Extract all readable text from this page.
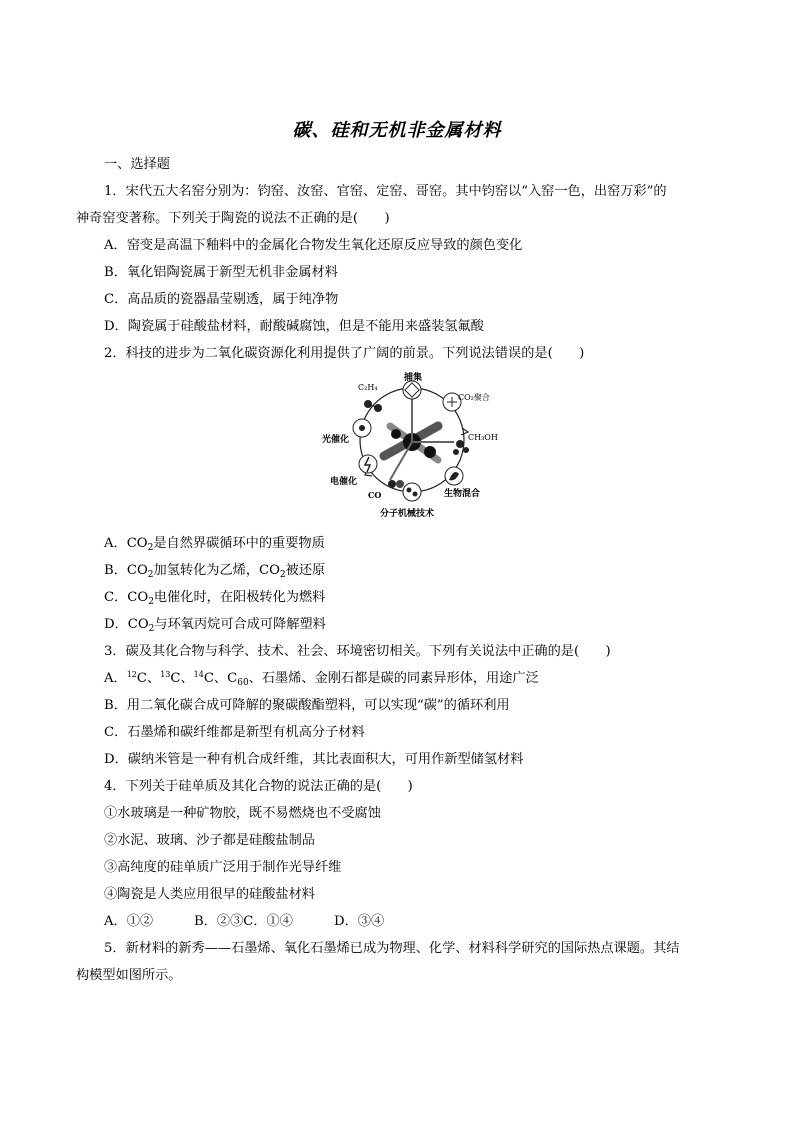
碳、硅和无机非金属材料
一、选择题
1．宋代五大名窑分别为：钧窑、汝窑、官窑、定窑、哥窑。其中钧窑以“入窑一色，出窑万彩”的
神奇窑变著称。下列关于陶瓷的说法不正确的是(　　)
A．窑变是高温下釉料中的金属化合物发生氧化还原反应导致的颜色变化
B．氧化铝陶瓷属于新型无机非金属材料
C．高品质的瓷器晶莹剔透，属于纯净物
D．陶瓷属于硅酸盐材料，耐酸碱腐蚀，但是不能用来盛装氢氟酸
2．科技的进步为二氧化碳资源化利用提供了广阔的前景。下列说法错误的是(　　)
捕集
C₂H₄
CO₂聚合
CH₃OH
光催化
电催化
CO	生物混合
分子机械技术
A．$CO_2$是自然界碳循环中的重要物质
B．$CO_2$加氢转化为乙烯，$CO_2$被还原
C．$CO_2$电催化时，在阳极转化为燃料
D．$CO_2$与环氧丙烷可合成可降解塑料
3．碳及其化合物与科学、技术、社会、环境密切相关。下列有关说法中正确的是(　　)
A．$^{12}$C、$^{13}$C、$^{14}$C、$C_{60}$、石墨烯、金刚石都是碳的同素异形体，用途广泛
B．用二氧化碳合成可降解的聚碳酸酯塑料，可以实现“碳”的循环利用
C．石墨烯和碳纤维都是新型有机高分子材料
D．碳纳米管是一种有机合成纤维，其比表面积大，可用作新型储氢材料
4．下列关于硅单质及其化合物的说法正确的是(　　)
①水玻璃是一种矿物胶，既不易燃烧也不受腐蚀
②水泥、玻璃、沙子都是硅酸盐制品
③高纯度的硅单质广泛用于制作光导纤维
④陶瓷是人类应用很早的硅酸盐材料
A．①②	B．②③C．①④	D．③④
5．新材料的新秀——石墨烯、氧化石墨烯已成为物理、化学、材料科学研究的国际热点课题。其结
构模型如图所示。
